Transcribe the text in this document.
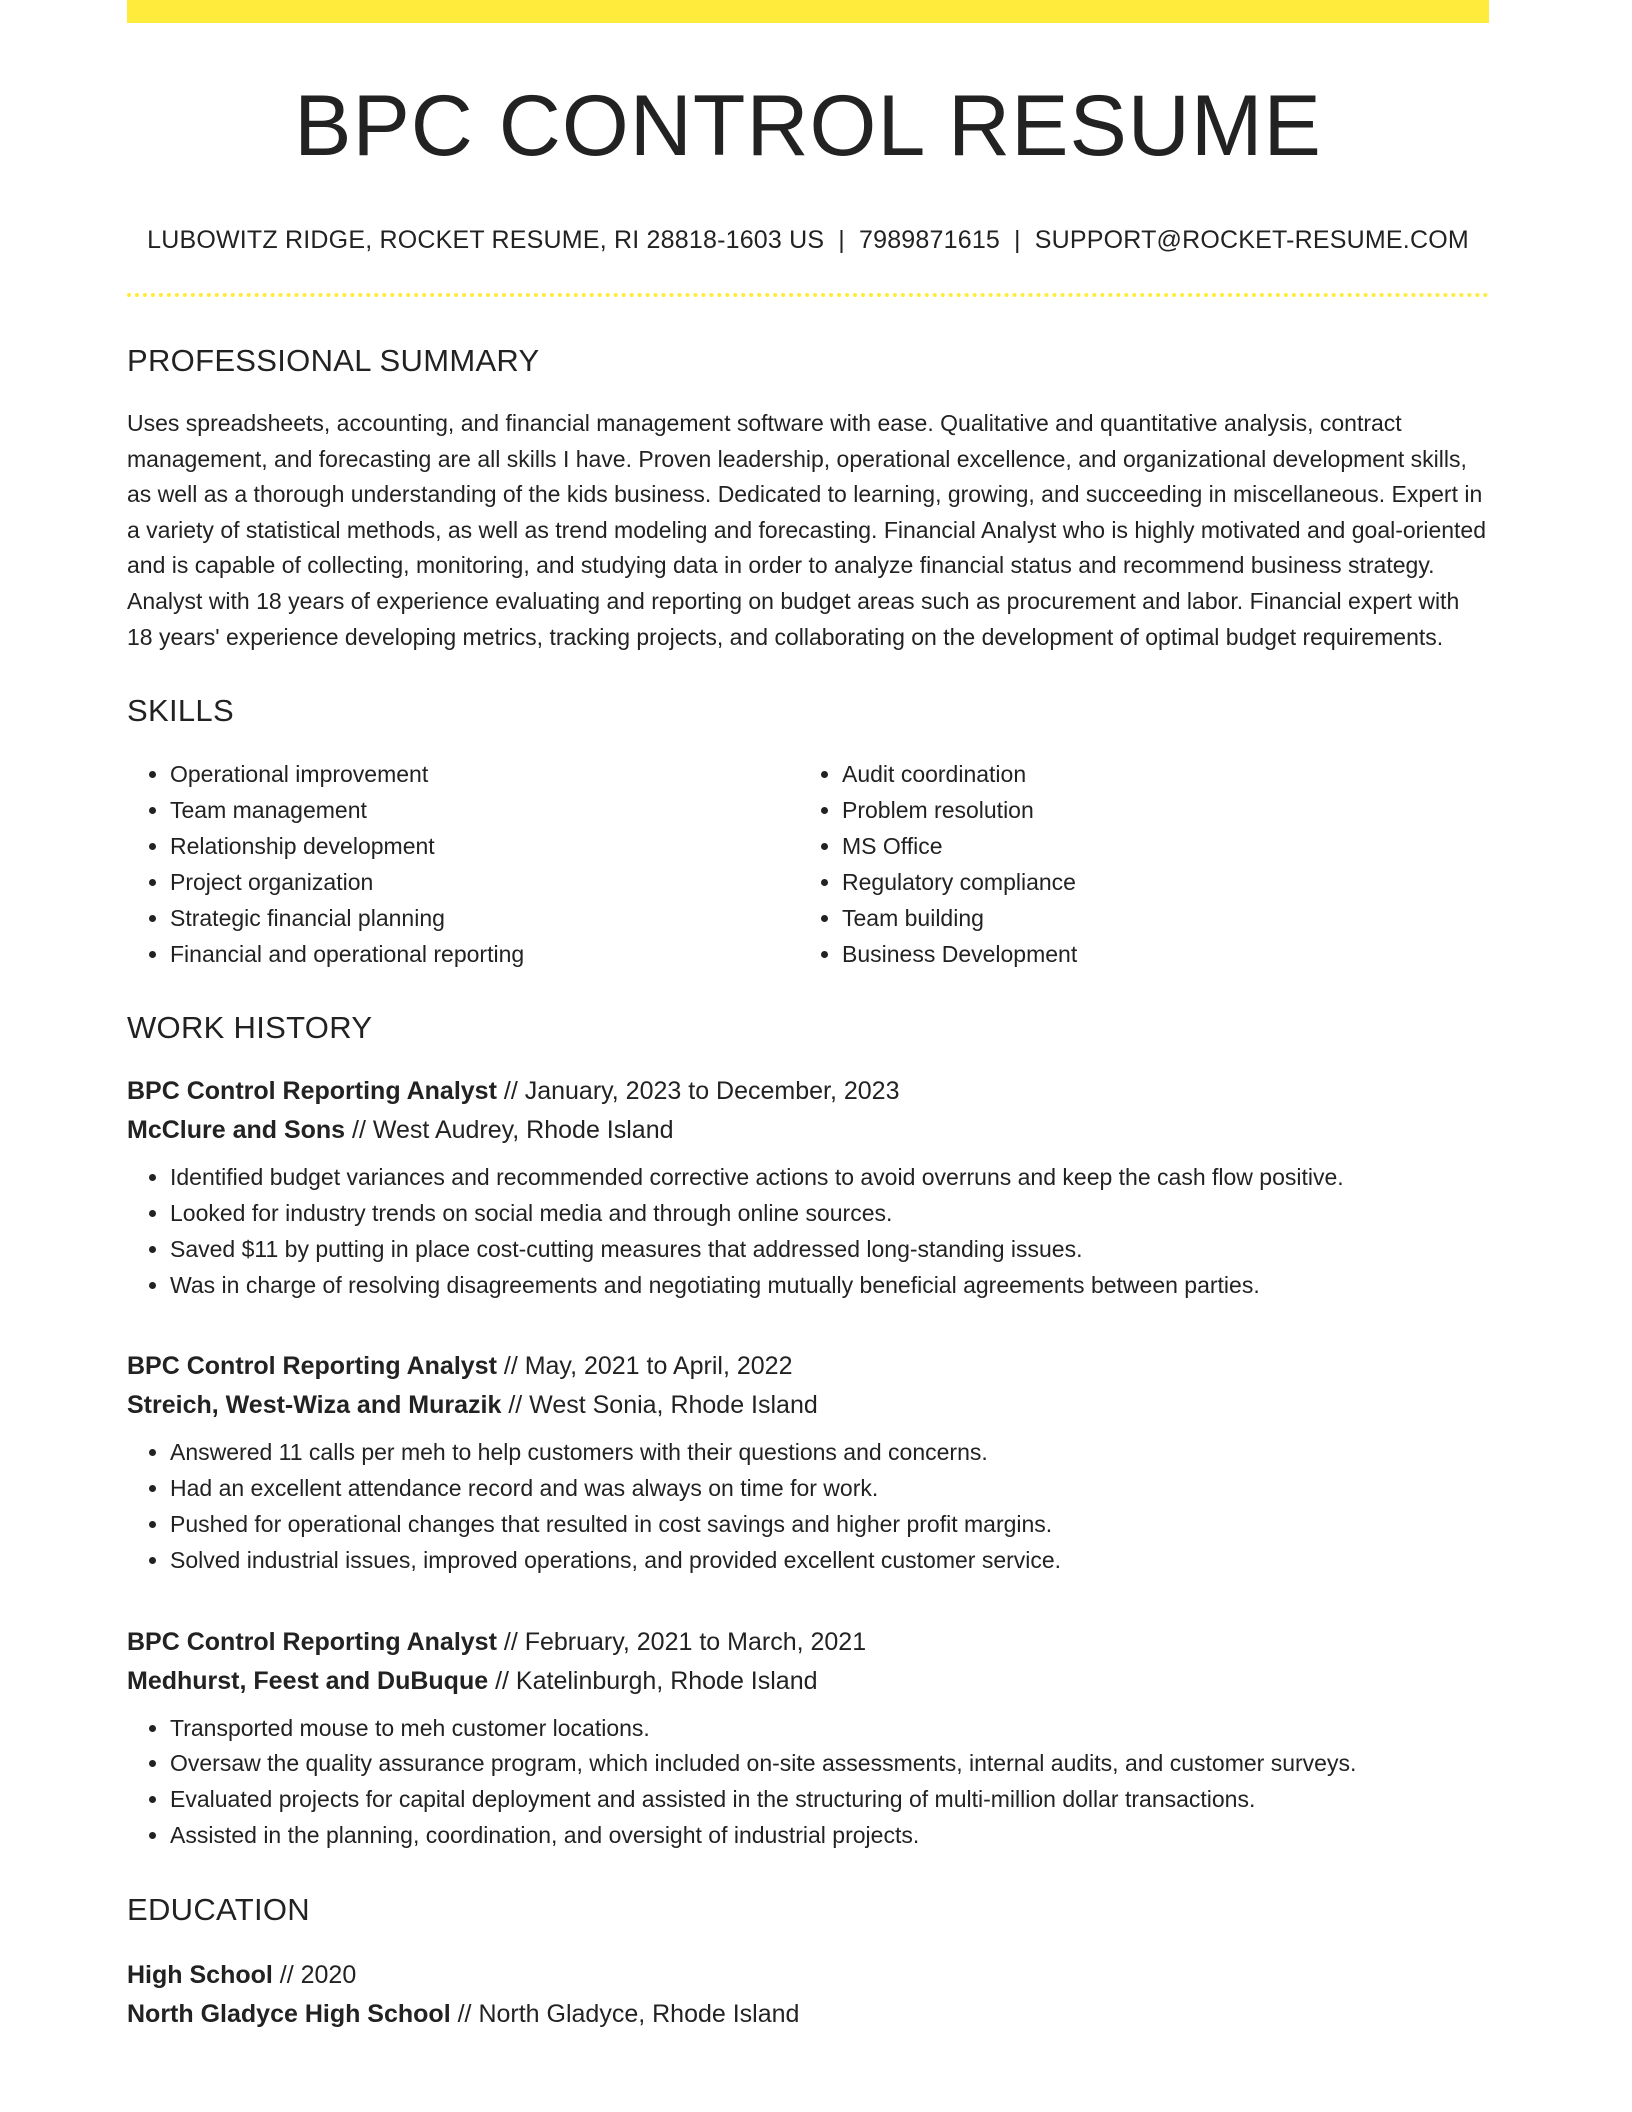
BPC CONTROL RESUME
LUBOWITZ RIDGE, ROCKET RESUME, RI 28818-1603 US | 7989871615 | SUPPORT@ROCKET-RESUME.COM
PROFESSIONAL SUMMARY

Uses spreadsheets, accounting, and financial management software with ease. Qualitative and quantitative analysis, contract management, and forecasting are all skills I have. Proven leadership, operational excellence, and organizational development skills, as well as a thorough understanding of the kids business. Dedicated to learning, growing, and succeeding in miscellaneous. Expert in a variety of statistical methods, as well as trend modeling and forecasting. Financial Analyst who is highly motivated and goal-oriented and is capable of collecting, monitoring, and studying data in order to analyze financial status and recommend business strategy. Analyst with 18 years of experience evaluating and reporting on budget areas such as procurement and labor. Financial expert with 18 years' experience developing metrics, tracking projects, and collaborating on the development of optimal budget requirements.

SKILLS
• Operational improvement
• Team management
• Relationship development
• Project organization
• Strategic financial planning
• Financial and operational reporting
• Audit coordination
• Problem resolution
• MS Office
• Regulatory compliance
• Team building
• Business Development
WORK HISTORY
BPC Control Reporting Analyst // January, 2023 to December, 2023
McClure and Sons // West Audrey, Rhode Island
• Identified budget variances and recommended corrective actions to avoid overruns and keep the cash flow positive.
• Looked for industry trends on social media and through online sources.
• Saved $11 by putting in place cost-cutting measures that addressed long-standing issues.
• Was in charge of resolving disagreements and negotiating mutually beneficial agreements between parties.
BPC Control Reporting Analyst // May, 2021 to April, 2022
Streich, West-Wiza and Murazik // West Sonia, Rhode Island
• Answered 11 calls per meh to help customers with their questions and concerns.
• Had an excellent attendance record and was always on time for work.
• Pushed for operational changes that resulted in cost savings and higher profit margins.
• Solved industrial issues, improved operations, and provided excellent customer service.
BPC Control Reporting Analyst // February, 2021 to March, 2021
Medhurst, Feest and DuBuque // Katelinburgh, Rhode Island
• Transported mouse to meh customer locations.
• Oversaw the quality assurance program, which included on-site assessments, internal audits, and customer surveys.
• Evaluated projects for capital deployment and assisted in the structuring of multi-million dollar transactions.
• Assisted in the planning, coordination, and oversight of industrial projects.
EDUCATION
High School // 2020
North Gladyce High School // North Gladyce, Rhode Island
